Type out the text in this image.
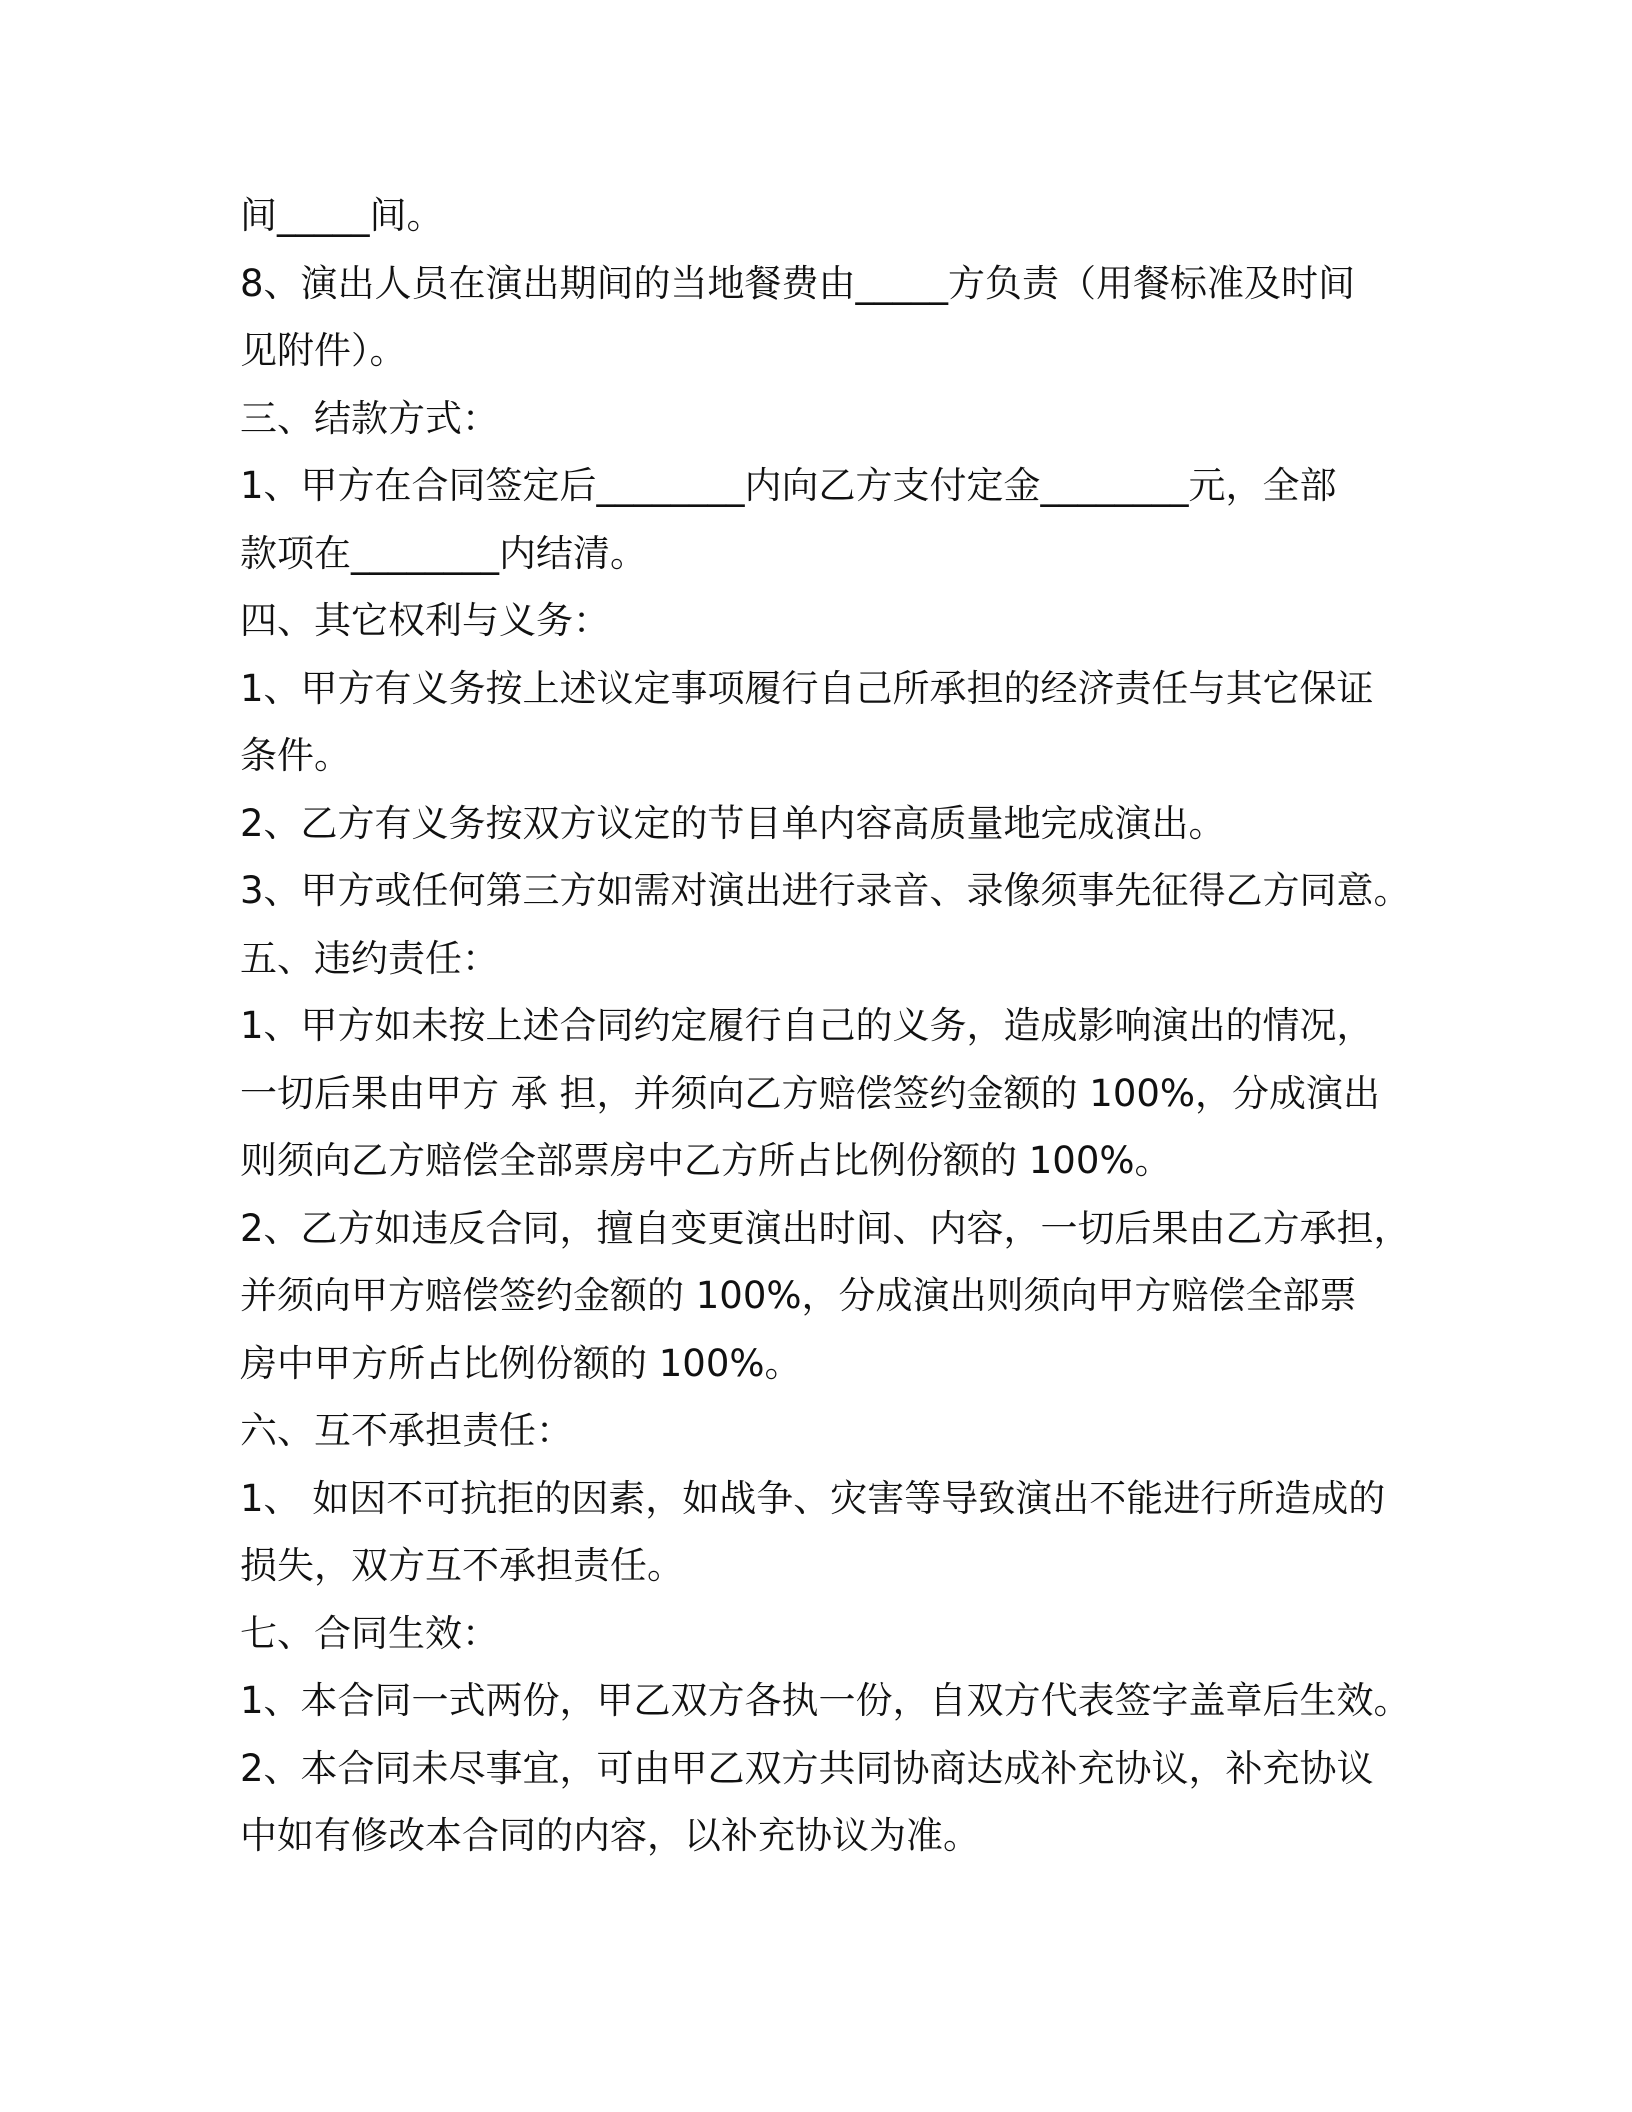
间_____间。
8、演出人员在演出期间的当地餐费由_____方负责（用餐标准及时间
见附件）。
三、结款方式：
1、甲方在合同签定后________内向乙方支付定金________元，全部
款项在________内结清。
四、其它权利与义务：
1、甲方有义务按上述议定事项履行自己所承担的经济责任与其它保证
条件。
2、乙方有义务按双方议定的节目单内容高质量地完成演出。
3、甲方或任何第三方如需对演出进行录音、录像须事先征得乙方同意。
五、违约责任：
1、甲方如未按上述合同约定履行自己的义务，造成影响演出的情况，
一切后果由甲方 承 担，并须向乙方赔偿签约金额的 100%，分成演出
则须向乙方赔偿全部票房中乙方所占比例份额的 100%。
2、乙方如违反合同，擅自变更演出时间、内容，一切后果由乙方承担，
并须向甲方赔偿签约金额的 100%，分成演出则须向甲方赔偿全部票
房中甲方所占比例份额的 100%。
六、互不承担责任：
1、 如因不可抗拒的因素，如战争、灾害等导致演出不能进行所造成的
损失，双方互不承担责任。
七、合同生效：
1、本合同一式两份，甲乙双方各执一份，自双方代表签字盖章后生效。
2、本合同未尽事宜，可由甲乙双方共同协商达成补充协议，补充协议
中如有修改本合同的内容，以补充协议为准。
